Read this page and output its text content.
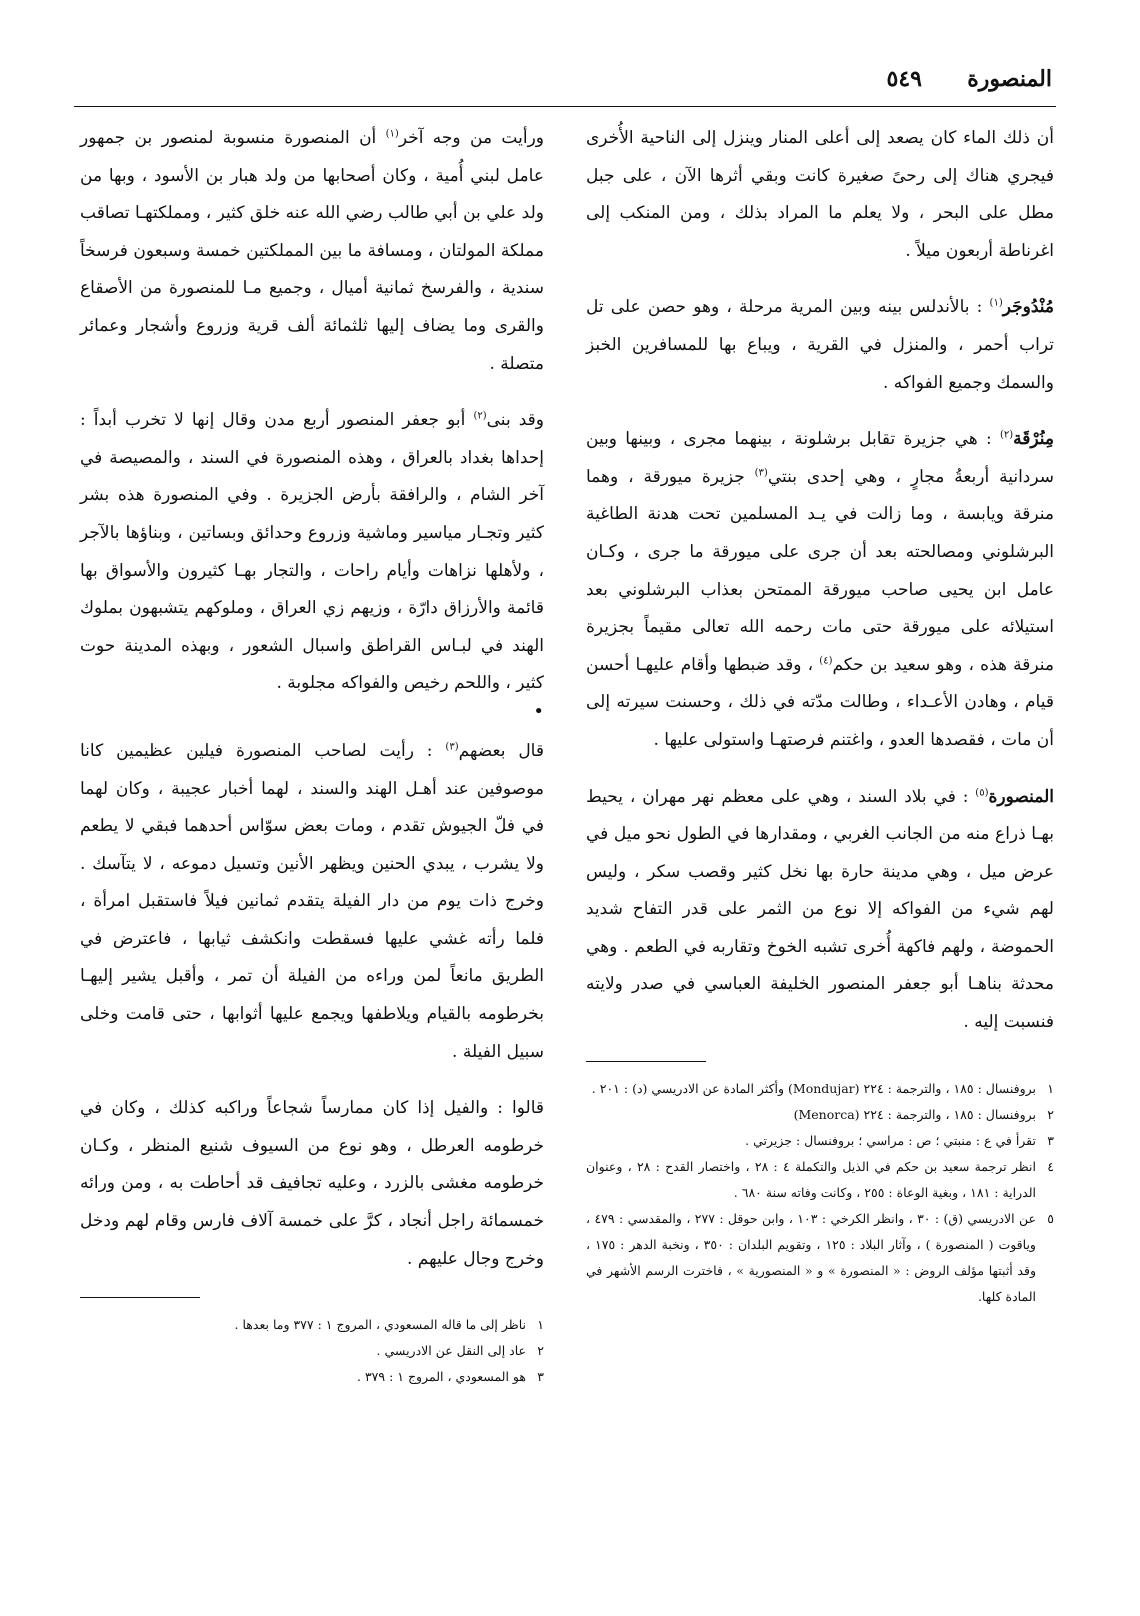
المنصورة
٥٤٩

أن ذلك الماء كان يصعد إلى أعلى المنار وينزل إلى الناحية الأُخرى فيجري هناك إلى رحىً صغيرة كانت وبقي أثرها الآن ، على جبل مطل على البحر ، ولا يعلم ما المراد بذلك ، ومن المنكب إلى اغرناطة أربعون ميلاً .

مُنْدُوجَر$^{(١)}$ : بالأندلس بينه وبين المرية مرحلة ، وهو حصن على تل تراب أحمر ، والمنزل في القرية ، ويباع بها للمسافرين الخبز والسمك وجميع الفواكه .

مِنُرْقَة$^{(٢)}$ : هي جزيرة تقابل برشلونة ، بينهما مجرى ، وبينها وبين سردانية أربعةُ مجارٍ ، وهي إحدى بنتي$^{(٣)}$ جزيرة ميورقة ، وهما منرقة ويابسة ، وما زالت في يـد المسلمين تحت هدنة الطاغية البرشلوني ومصالحته بعد أن جرى على ميورقة ما جرى ، وكـان عامل ابن يحيى صاحب ميورقة الممتحن بعذاب البرشلوني بعد استيلائه على ميورقة حتى مات رحمه الله تعالى مقيماً بجزيرة منرقة هذه ، وهو سعيد بن حكم$^{(٤)}$ ، وقد ضبطها وأقام عليهـا أحسن قيام ، وهادن الأعـداء ، وطالت مدّته في ذلك ، وحسنت سيرته إلى أن مات ، فقصدها العدو ، واغتنم فرصتهـا واستولى عليها .

المنصورة$^{(٥)}$ : في بلاد السند ، وهي على معظم نهر مهران ، يحيط بهـا ذراع منه من الجانب الغربي ، ومقدارها في الطول نحو ميل في عرض ميل ، وهي مدينة حارة بها نخل كثير وقصب سكر ، وليس لهم شيء من الفواكه إلا نوع من الثمر على قدر التفاح شديد الحموضة ، ولهم فاكهة أُخرى تشبه الخوخ وتقاربه في الطعم . وهي محدثة بناهـا أبو جعفر المنصور الخليفة العباسي في صدر ولايته فنسبت إليه .

١
بروفنسال : ١٨٥ ، والترجمة : ٢٢٤ (Mondujar) وأكثر المادة عن الادريسي (د) : ٢٠١ .
٢
بروفنسال : ١٨٥ ، والترجمة : ٢٢٤ (Menorca)
٣
تقرأ في ع : منبتي ؛ ص : مراسي ؛ بروفنسال : جزيرتي .
٤
انظر ترجمة سعيد بن حكم في الذيل والتكملة ٤ : ٢٨ ، واختصار القدح : ٢٨ ، وعنوان الدراية : ١٨١ ، وبغية الوعاة : ٢٥٥ ، وكانت وفاته سنة ٦٨٠ .
٥
عن الادريسي (ق) : ٣٠ ، وانظر الكرخي : ١٠٣ ، وابن حوقل : ٢٧٧ ، والمقدسي : ٤٧٩ ، وياقوت ( المنصورة ) ، وآثار البلاد : ١٢٥ ، وتقويم البلدان : ٣٥٠ ، ونخبة الدهر : ١٧٥ ، وقد أثبتها مؤلف الروض : « المنصورة » و « المنصورية » ، فاخترت الرسم الأشهر في المادة كلها.

ورأيت من وجه آخر$^{(١)}$ أن المنصورة منسوبة لمنصور بن جمهور عامل لبني أُمية ، وكان أصحابها من ولد هبار بن الأسود ، وبها من ولد علي بن أبي طالب رضي الله عنه خلق كثير ، ومملكتهـا تصاقب مملكة المولتان ، ومسافة ما بين المملكتين خمسة وسبعون فرسخاً سندية ، والفرسخ ثمانية أميال ، وجميع مـا للمنصورة من الأصقاع والقرى وما يضاف إليها ثلثمائة ألف قرية وزروع وأشجار وعمائر متصلة .

وقد بنى$^{(٢)}$ أبو جعفر المنصور أربع مدن وقال إنها لا تخرب أبداً : إحداها بغداد بالعراق ، وهذه المنصورة في السند ، والمصيصة في آخر الشام ، والرافقة بأرض الجزيرة . وفي المنصورة هذه بشر كثير وتجـار مياسير وماشية وزروع وحدائق وبساتين ، وبناؤها بالآجر ، ولأهلها نزاهات وأيام راحات ، والتجار بهـا كثيرون والأسواق بها قائمة والأرزاق دارّة ، وزيهم زي العراق ، وملوكهم يتشبهون بملوك الهند في لبـاس القراطق واسبال الشعور ، وبهذه المدينة حوت كثير ، واللحم رخيص والفواكه مجلوبة .

•

قال بعضهم$^{(٣)}$ : رأيت لصاحب المنصورة فيلين عظيمين كانا موصوفين عند أهـل الهند والسند ، لهما أخبار عجيبة ، وكان لهما في فلّ الجيوش تقدم ، ومات بعض سوّاس أحدهما فبقي لا يطعم ولا يشرب ، يبدي الحنين ويظهر الأنين وتسيل دموعه ، لا يتآسك . وخرج ذات يوم من دار الفيلة يتقدم ثمانين فيلاً فاستقبل امرأة ، فلما رأته غشي عليها فسقطت وانكشف ثيابها ، فاعترض في الطريق مانعاً لمن وراءه من الفيلة أن تمر ، وأقبل يشير إليهـا بخرطومه بالقيام ويلاطفها ويجمع عليها أثوابها ، حتى قامت وخلى سبيل الفيلة .

قالوا : والفيل إذا كان ممارساً شجاعاً وراكبه كذلك ، وكان في خرطومه العرطل ، وهو نوع من السيوف شنيع المنظر ، وكـان خرطومه مغشى بالزرد ، وعليه تجافيف قد أحاطت به ، ومن ورائه خمسمائة راجل أنجاد ، كرَّ على خمسة آلاف فارس وقام لهم ودخل وخرج وجال عليهم .

١
ناظر إلى ما قاله المسعودي ، المروج ١ : ٣٧٧ وما بعدها .
٢
عاد إلى النقل عن الادريسي .
٣
هو المسعودي ، المروج ١ : ٣٧٩ .
